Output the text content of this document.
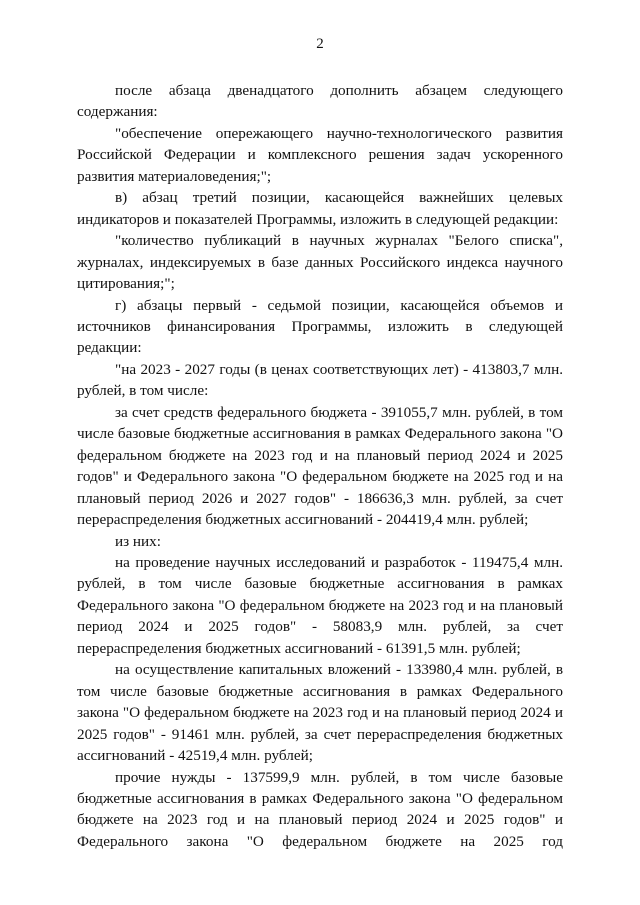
2

после абзаца двенадцатого дополнить абзацем следующего содержания:

"обеспечение опережающего научно-технологического развития Российской Федерации и комплексного решения задач ускоренного развития материаловедения;";

в) абзац третий позиции, касающейся важнейших целевых индикаторов и показателей Программы, изложить в следующей редакции:

"количество публикаций в научных журналах "Белого списка", журналах, индексируемых в базе данных Российского индекса научного цитирования;";

г) абзацы первый - седьмой позиции, касающейся объемов и источников финансирования Программы, изложить в следующей редакции:

"на 2023 - 2027 годы (в ценах соответствующих лет) - 413803,7 млн. рублей, в том числе:

за счет средств федерального бюджета - 391055,7 млн. рублей, в том числе базовые бюджетные ассигнования в рамках Федерального закона "О федеральном бюджете на 2023 год и на плановый период 2024 и 2025 годов" и Федерального закона "О федеральном бюджете на 2025 год и на плановый период 2026 и 2027 годов" - 186636,3 млн. рублей, за счет перераспределения бюджетных ассигнований - 204419,4 млн. рублей;

из них:

на проведение научных исследований и разработок - 119475,4 млн. рублей, в том числе базовые бюджетные ассигнования в рамках Федерального закона "О федеральном бюджете на 2023 год и на плановый период 2024 и 2025 годов" - 58083,9 млн. рублей, за счет перераспределения бюджетных ассигнований - 61391,5 млн. рублей;

на осуществление капитальных вложений - 133980,4 млн. рублей, в том числе базовые бюджетные ассигнования в рамках Федерального закона "О федеральном бюджете на 2023 год и на плановый период 2024 и 2025 годов" - 91461 млн. рублей, за счет перераспределения бюджетных ассигнований - 42519,4 млн. рублей;

прочие нужды - 137599,9 млн. рублей, в том числе базовые бюджетные ассигнования в рамках Федерального закона "О федеральном бюджете на 2023 год и на плановый период 2024 и 2025 годов" и Федерального закона "О федеральном бюджете на 2025 год
